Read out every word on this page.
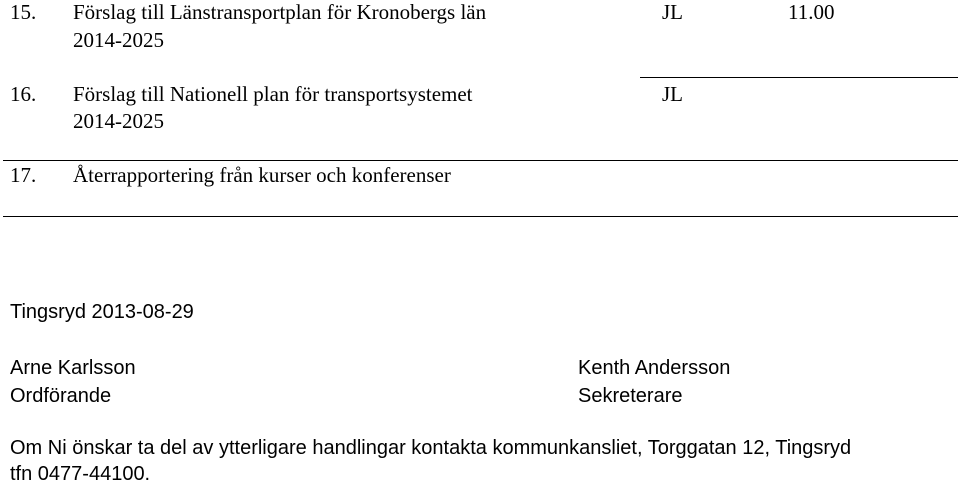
15. Förslag till Länstransportplan för Kronobergs län
2014-2025
JL	11.00
16. Förslag till Nationell plan för transportsystemet
2014-2025
JL
17. Återrapportering från kurser och konferenser
Tingsryd 2013-08-29
Arne Karlsson
Ordförande
Kenth Andersson
Sekreterare
Om Ni önskar ta del av ytterligare handlingar kontakta kommunkansliet, Torggatan 12, Tingsryd
tfn 0477-44100.
